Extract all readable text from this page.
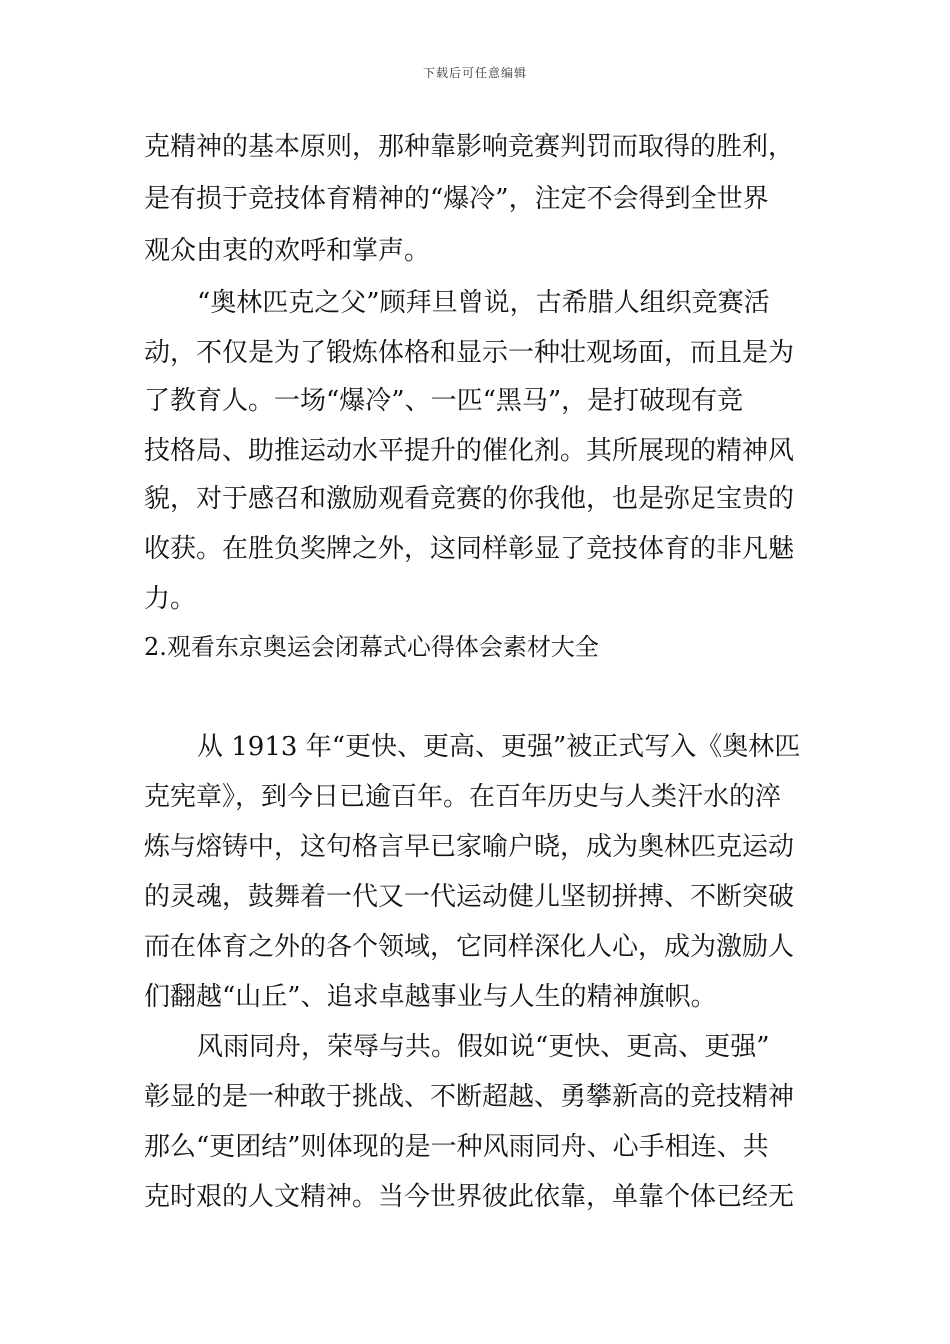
下载后可任意编辑
克精神的基本原则，那种靠影响竞赛判罚而取得的胜利，
是有损于竞技体育精神的“爆冷”，注定不会得到全世界
观众由衷的欢呼和掌声。
“奥林匹克之父”顾拜旦曾说，古希腊人组织竞赛活
动，不仅是为了锻炼体格和显示一种壮观场面，而且是为
了教育人。一场“爆冷”、一匹“黑马”，是打破现有竞
技格局、助推运动水平提升的催化剂。其所展现的精神风
貌，对于感召和激励观看竞赛的你我他，也是弥足宝贵的
收获。在胜负奖牌之外，这同样彰显了竞技体育的非凡魅
力。
2.观看东京奥运会闭幕式心得体会素材大全
从 1913 年“更快、更高、更强”被正式写入《奥林匹
克宪章》，到今日已逾百年。在百年历史与人类汗水的淬
炼与熔铸中，这句格言早已家喻户晓，成为奥林匹克运动
的灵魂，鼓舞着一代又一代运动健儿坚韧拼搏、不断突破
而在体育之外的各个领域，它同样深化人心，成为激励人
们翻越“山丘”、追求卓越事业与人生的精神旗帜。
风雨同舟，荣辱与共。假如说“更快、更高、更强”
彰显的是一种敢于挑战、不断超越、勇攀新高的竞技精神
那么“更团结”则体现的是一种风雨同舟、心手相连、共
克时艰的人文精神。当今世界彼此依靠，单靠个体已经无
